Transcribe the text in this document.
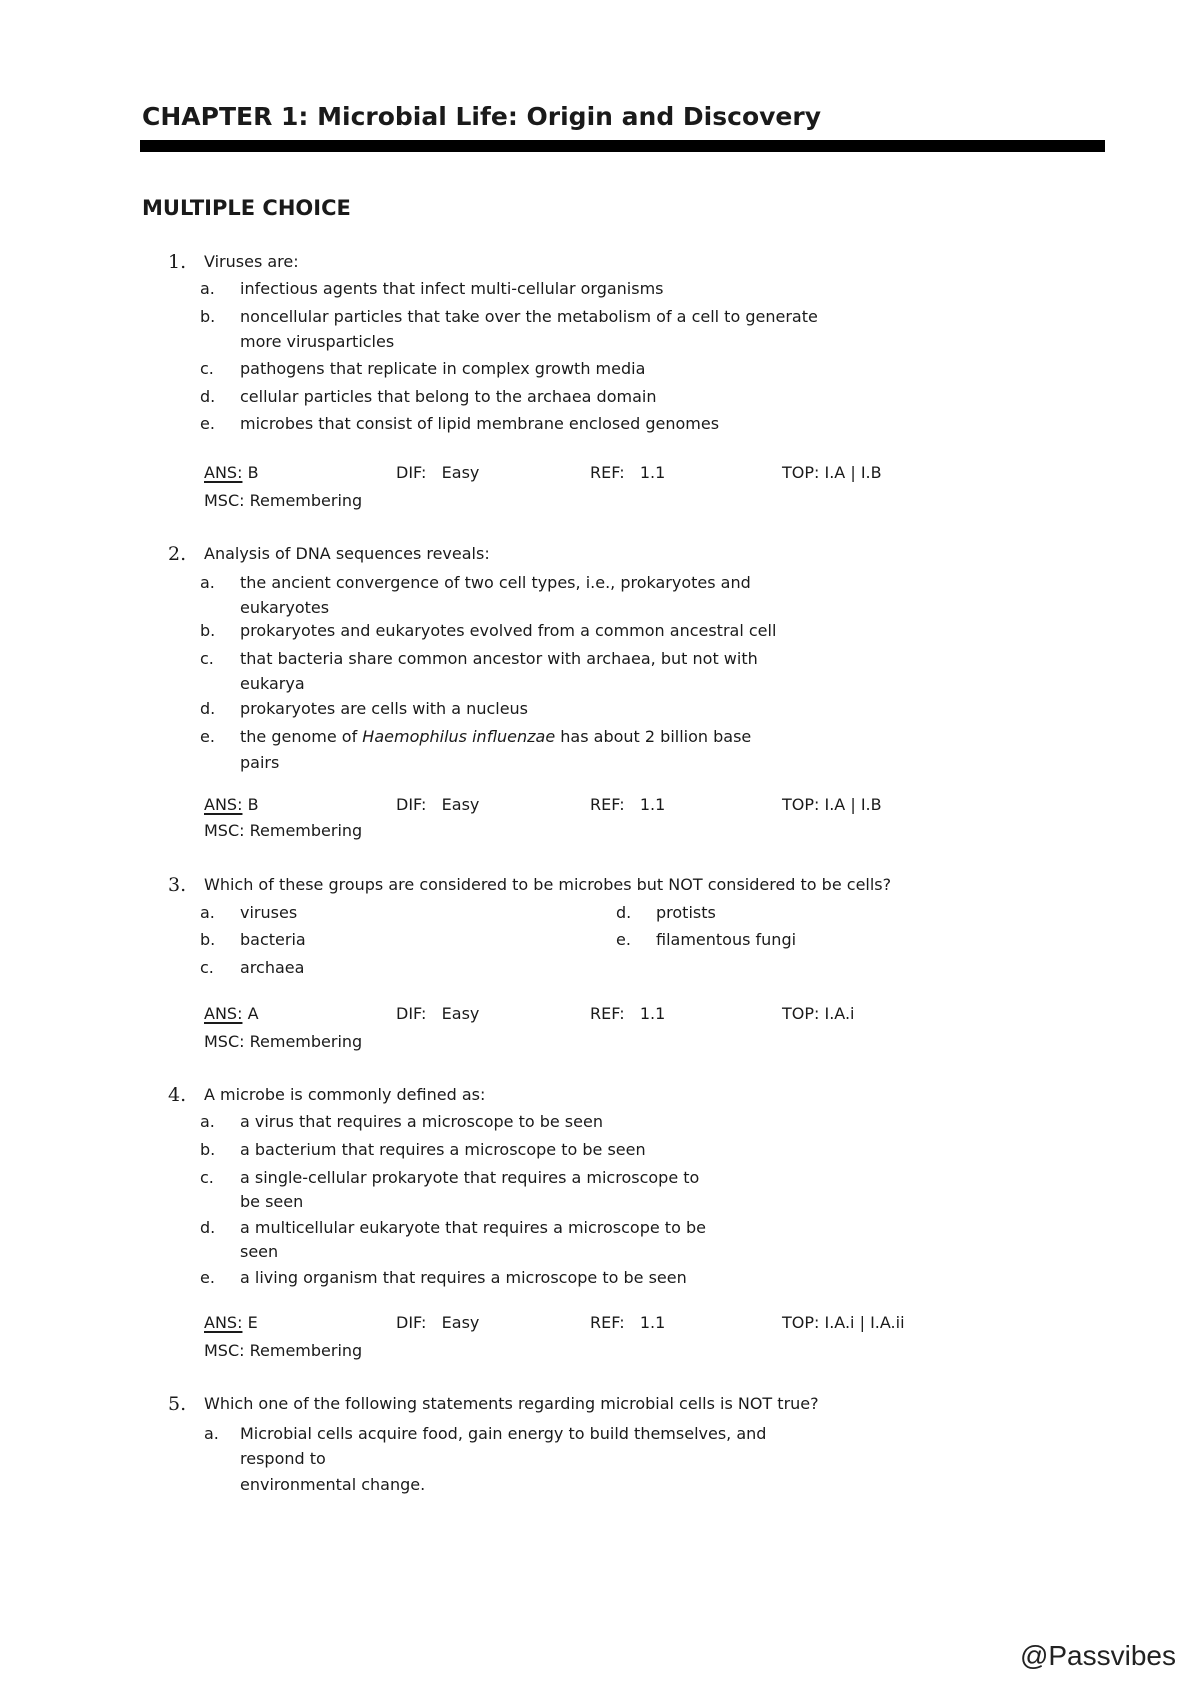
CHAPTER 1: Microbial Life: Origin and Discovery
MULTIPLE CHOICE
1. Viruses are:
a.	infectious agents that infect multi-cellular organisms
b.	noncellular particles that take over the metabolism of a cell to generate
more virusparticles
c.	pathogens that replicate in complex growth media
d.	cellular particles that belong to the archaea domain
e.	microbes that consist of lipid membrane enclosed genomes
ANS: B	DIF: Easy	REF: 1.1	TOP: I.A | I.B
MSC: Remembering
2. Analysis of DNA sequences reveals:
a.	the ancient convergence of two cell types, i.e., prokaryotes and
eukaryotes
b.	prokaryotes and eukaryotes evolved from a common ancestral cell
c.	that bacteria share common ancestor with archaea, but not with
eukarya
d.	prokaryotes are cells with a nucleus
e.	the genome of Haemophilus influenzae has about 2 billion base
pairs
ANS: B	DIF: Easy	REF: 1.1	TOP: I.A | I.B
MSC: Remembering
3. Which of these groups are considered to be microbes but NOT considered to be cells?
a.	viruses	d.	protists
b.	bacteria	e.	filamentous fungi
c.	archaea
ANS: A	DIF: Easy	REF: 1.1	TOP: I.A.i
MSC: Remembering
4. A microbe is commonly defined as:
a.	a virus that requires a microscope to be seen
b.	a bacterium that requires a microscope to be seen
c.	a single-cellular prokaryote that requires a microscope to
be seen
d.	a multicellular eukaryote that requires a microscope to be
seen
e.	a living organism that requires a microscope to be seen
ANS: E	DIF: Easy	REF: 1.1	TOP: I.A.i | I.A.ii
MSC: Remembering
5. Which one of the following statements regarding microbial cells is NOT true?
a.	Microbial cells acquire food, gain energy to build themselves, and
respond to
environmental change.
@Passvibes
